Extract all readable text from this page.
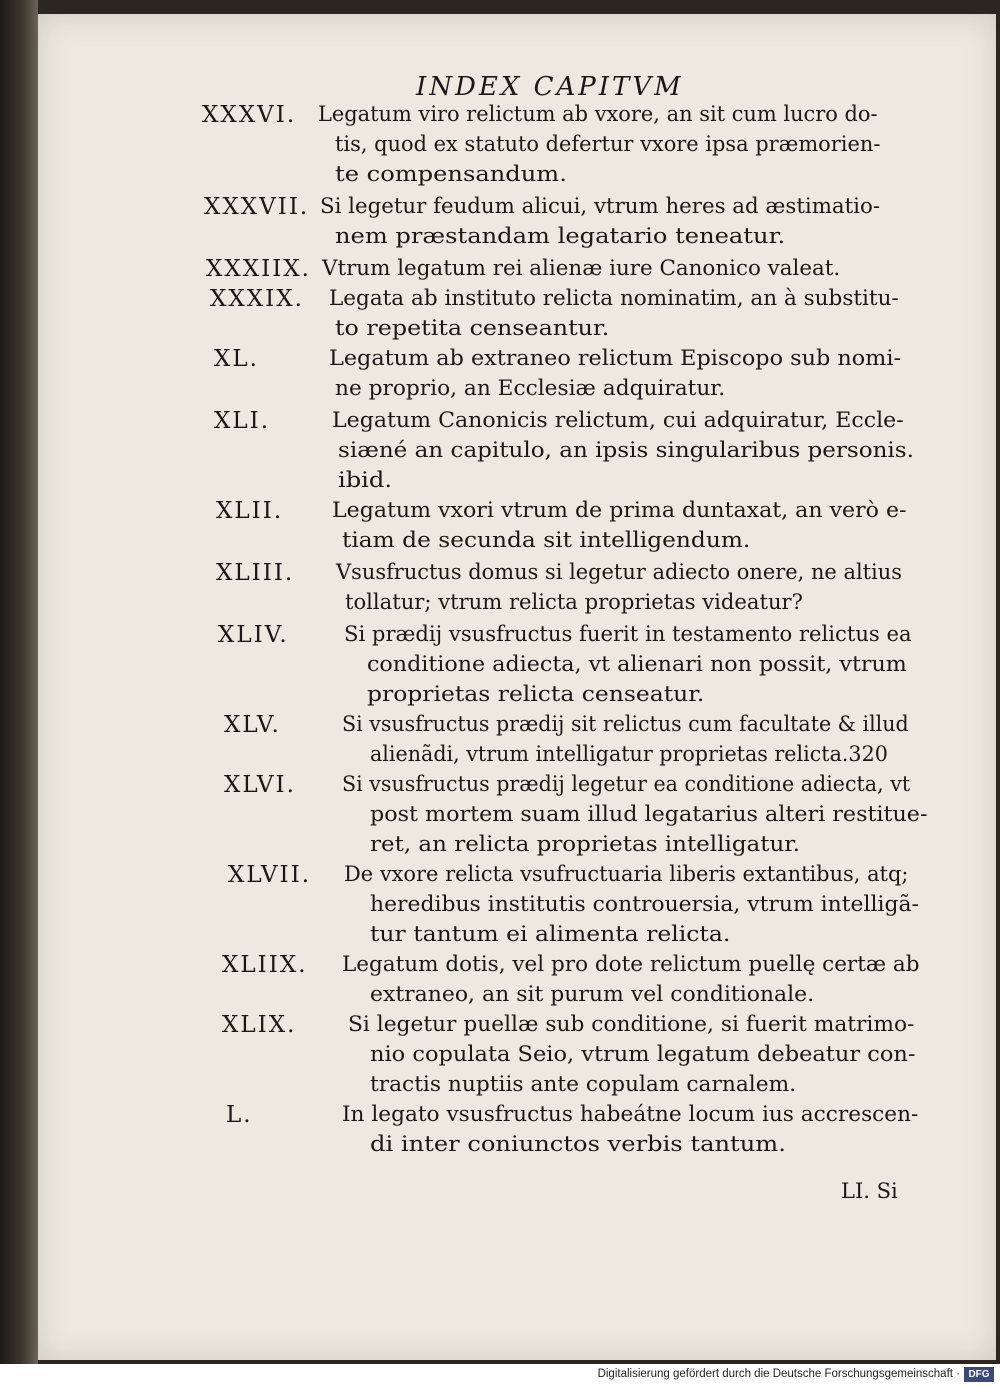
INDEX CAPITVM
XXXVI. Legatum viro relictum ab vxore, an sit cum lucro do-
tis, quod ex statuto defertur vxore ipsa præmorien-
te compensandum.
XXXVII. Si legetur feudum alicui, vtrum heres ad æstimatio-
nem præstandam legatario teneatur.
XXXIIX. Vtrum legatum rei alienæ iure Canonico valeat.
XXXIX. Legata ab instituto relicta nominatim, an à substitu-
to repetita censeantur.
XL.	Legatum ab extraneo relictum Episcopo sub nomi-
ne proprio, an Ecclesiæ adquiratur.
XLI.	Legatum Canonicis relictum, cui adquiratur, Eccle-
siæné an capitulo, an ipsis singularibus personis.
ibid.
XLII. Legatum vxori vtrum de prima duntaxat, an verò e-
tiam de secunda sit intelligendum.
XLIII. Vsusfructus domus si legetur adiecto onere, ne altius
tollatur; vtrum relicta proprietas videatur?
XLIV.	Si prædij vsusfructus fuerit in testamento relictus ea
conditione adiecta, vt alienari non possit, vtrum
proprietas relicta censeatur.
XLV.	Si vsusfructus prædij sit relictus cum facultate & illud
alienãdi, vtrum intelligatur proprietas relicta.320
XLVI. Si vsusfructus prædij legetur ea conditione adiecta, vt
post mortem suam illud legatarius alteri restitue-
ret, an relicta proprietas intelligatur.
XLVII. De vxore relicta vsufructuaria liberis extantibus, atq;
heredibus institutis controuersia, vtrum intelligã-
tur tantum ei alimenta relicta.
XLIIX. Legatum dotis, vel pro dote relictum puellę certæ ab
extraneo, an sit purum vel conditionale.
XLIX. Si legetur puellæ sub conditione, si fuerit matrimo-
nio copulata Seio, vtrum legatum debeatur con-
tractis nuptiis ante copulam carnalem.
L.	In legato vsusfructus habeátne locum ius accrescen-
di inter coniunctos verbis tantum.
LI. Si
Digitalisierung gefördert durch die Deutsche Forschungsgemeinschaft · DFG
